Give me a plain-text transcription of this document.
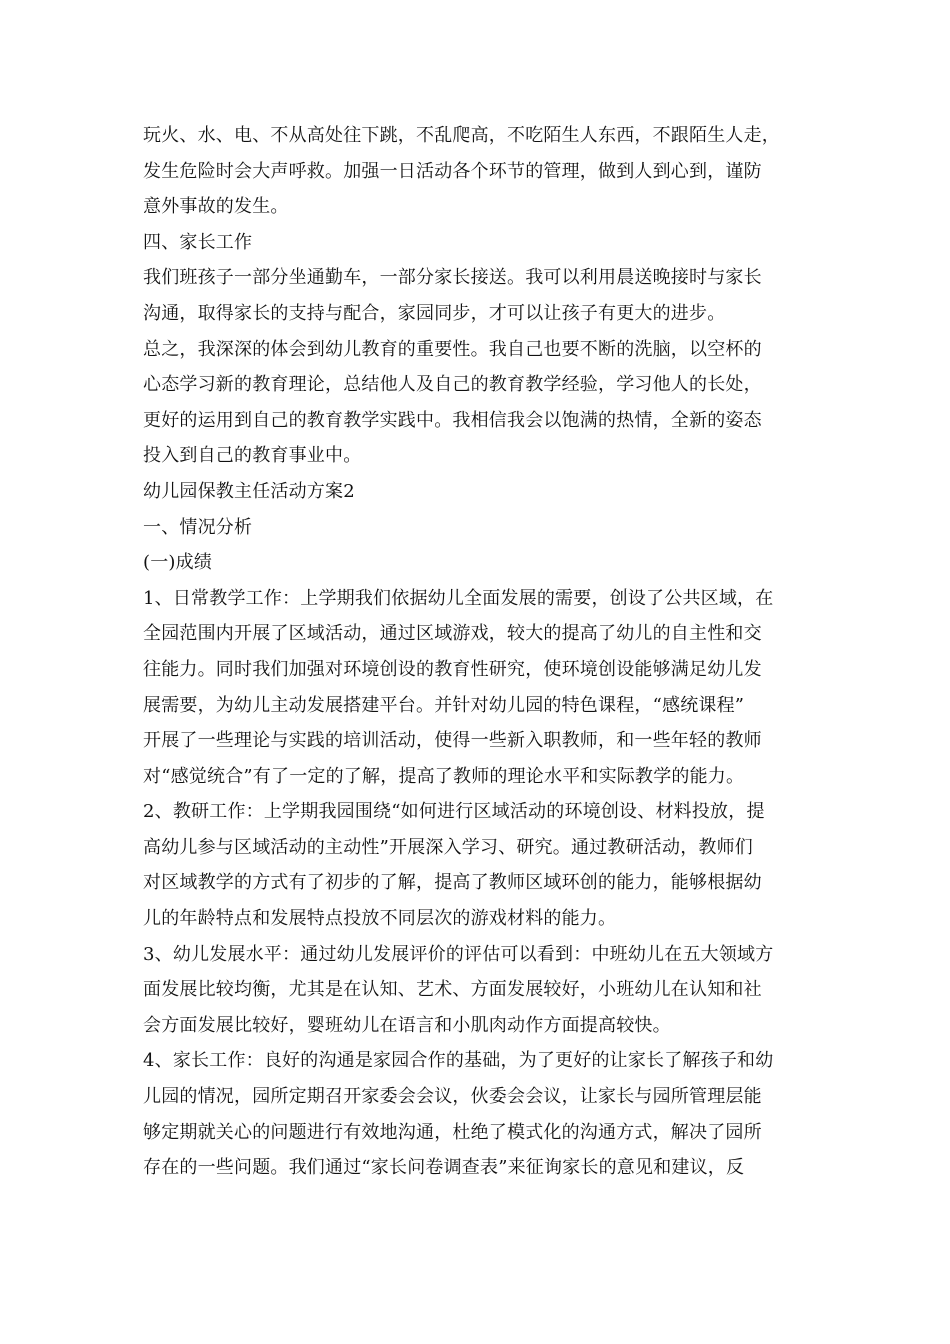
玩火、水、电、不从高处往下跳，不乱爬高，不吃陌生人东西，不跟陌生人走，
发生危险时会大声呼救。加强一日活动各个环节的管理，做到人到心到，谨防
意外事故的发生。
四、家长工作
我们班孩子一部分坐通勤车，一部分家长接送。我可以利用晨送晚接时与家长
沟通，取得家长的支持与配合，家园同步，才可以让孩子有更大的进步。
总之，我深深的体会到幼儿教育的重要性。我自己也要不断的洗脑，以空杯的
心态学习新的教育理论，总结他人及自己的教育教学经验，学习他人的长处，
更好的运用到自己的教育教学实践中。我相信我会以饱满的热情，全新的姿态
投入到自己的教育事业中。
幼儿园保教主任活动方案2
一、情况分析
(一)成绩
1、日常教学工作：上学期我们依据幼儿全面发展的需要，创设了公共区域，在
全园范围内开展了区域活动，通过区域游戏，较大的提高了幼儿的自主性和交
往能力。同时我们加强对环境创设的教育性研究，使环境创设能够满足幼儿发
展需要，为幼儿主动发展搭建平台。并针对幼儿园的特色课程，“感统课程”
开展了一些理论与实践的培训活动，使得一些新入职教师，和一些年轻的教师
对“感觉统合”有了一定的了解，提高了教师的理论水平和实际教学的能力。
2、教研工作：上学期我园围绕“如何进行区域活动的环境创设、材料投放，提
高幼儿参与区域活动的主动性”开展深入学习、研究。通过教研活动，教师们
对区域教学的方式有了初步的了解，提高了教师区域环创的能力，能够根据幼
儿的年龄特点和发展特点投放不同层次的游戏材料的能力。
3、幼儿发展水平：通过幼儿发展评价的评估可以看到：中班幼儿在五大领域方
面发展比较均衡，尤其是在认知、艺术、方面发展较好，小班幼儿在认知和社
会方面发展比较好，婴班幼儿在语言和小肌肉动作方面提高较快。
4、家长工作：良好的沟通是家园合作的基础，为了更好的让家长了解孩子和幼
儿园的情况，园所定期召开家委会会议，伙委会会议，让家长与园所管理层能
够定期就关心的问题进行有效地沟通，杜绝了模式化的沟通方式，解决了园所
存在的一些问题。我们通过“家长问卷调查表”来征询家长的意见和建议，反
